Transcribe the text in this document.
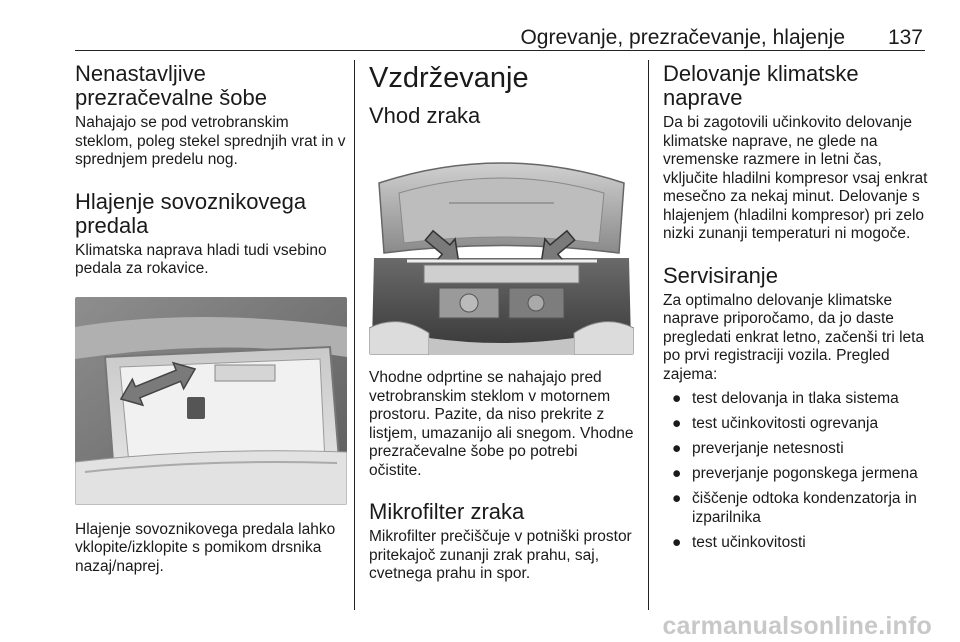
Ogrevanje, prezračevanje, hlajenje 137
Nenastavljive prezračevalne šobe

Nahajajo se pod vetrobranskim steklom, poleg stekel sprednjih vrat in v sprednjem predelu nog.

Hlajenje sovoznikovega predala

Klimatska naprava hladi tudi vsebino pedala za rokavice.

Hlajenje sovoznikovega predala lahko vklopite/izklopite s pomikom drsnika nazaj/naprej.

Vzdrževanje
Vhod zraka

Vhodne odprtine se nahajajo pred vetrobranskim steklom v motornem prostoru. Pazite, da niso prekrite z listjem, umazanijo ali snegom. Vhodne prezračevalne šobe po potrebi očistite.

Mikrofilter zraka

Mikrofilter prečiščuje v potniški prostor pritekajoč zunanji zrak prahu, saj, cvetnega prahu in spor.

Delovanje klimatske naprave

Da bi zagotovili učinkovito delovanje klimatske naprave, ne glede na vremenske razmere in letni čas, vključite hladilni kompresor vsaj enkrat mesečno za nekaj minut. Delovanje s hlajenjem (hladilni kompresor) pri zelo nizki zunanji temperaturi ni mogoče.

Servisiranje

Za optimalno delovanje klimatske naprave priporočamo, da jo daste pregledati enkrat letno, začenši tri leta po prvi registraciji vozila. Pregled zajema:

● test delovanja in tlaka sistema
● test učinkovitosti ogrevanja
● preverjanje netesnosti
● preverjanje pogonskega jermena
● čiščenje odtoka kondenzatorja in izparilnika
● test učinkovitosti
carmanualsonline.info
